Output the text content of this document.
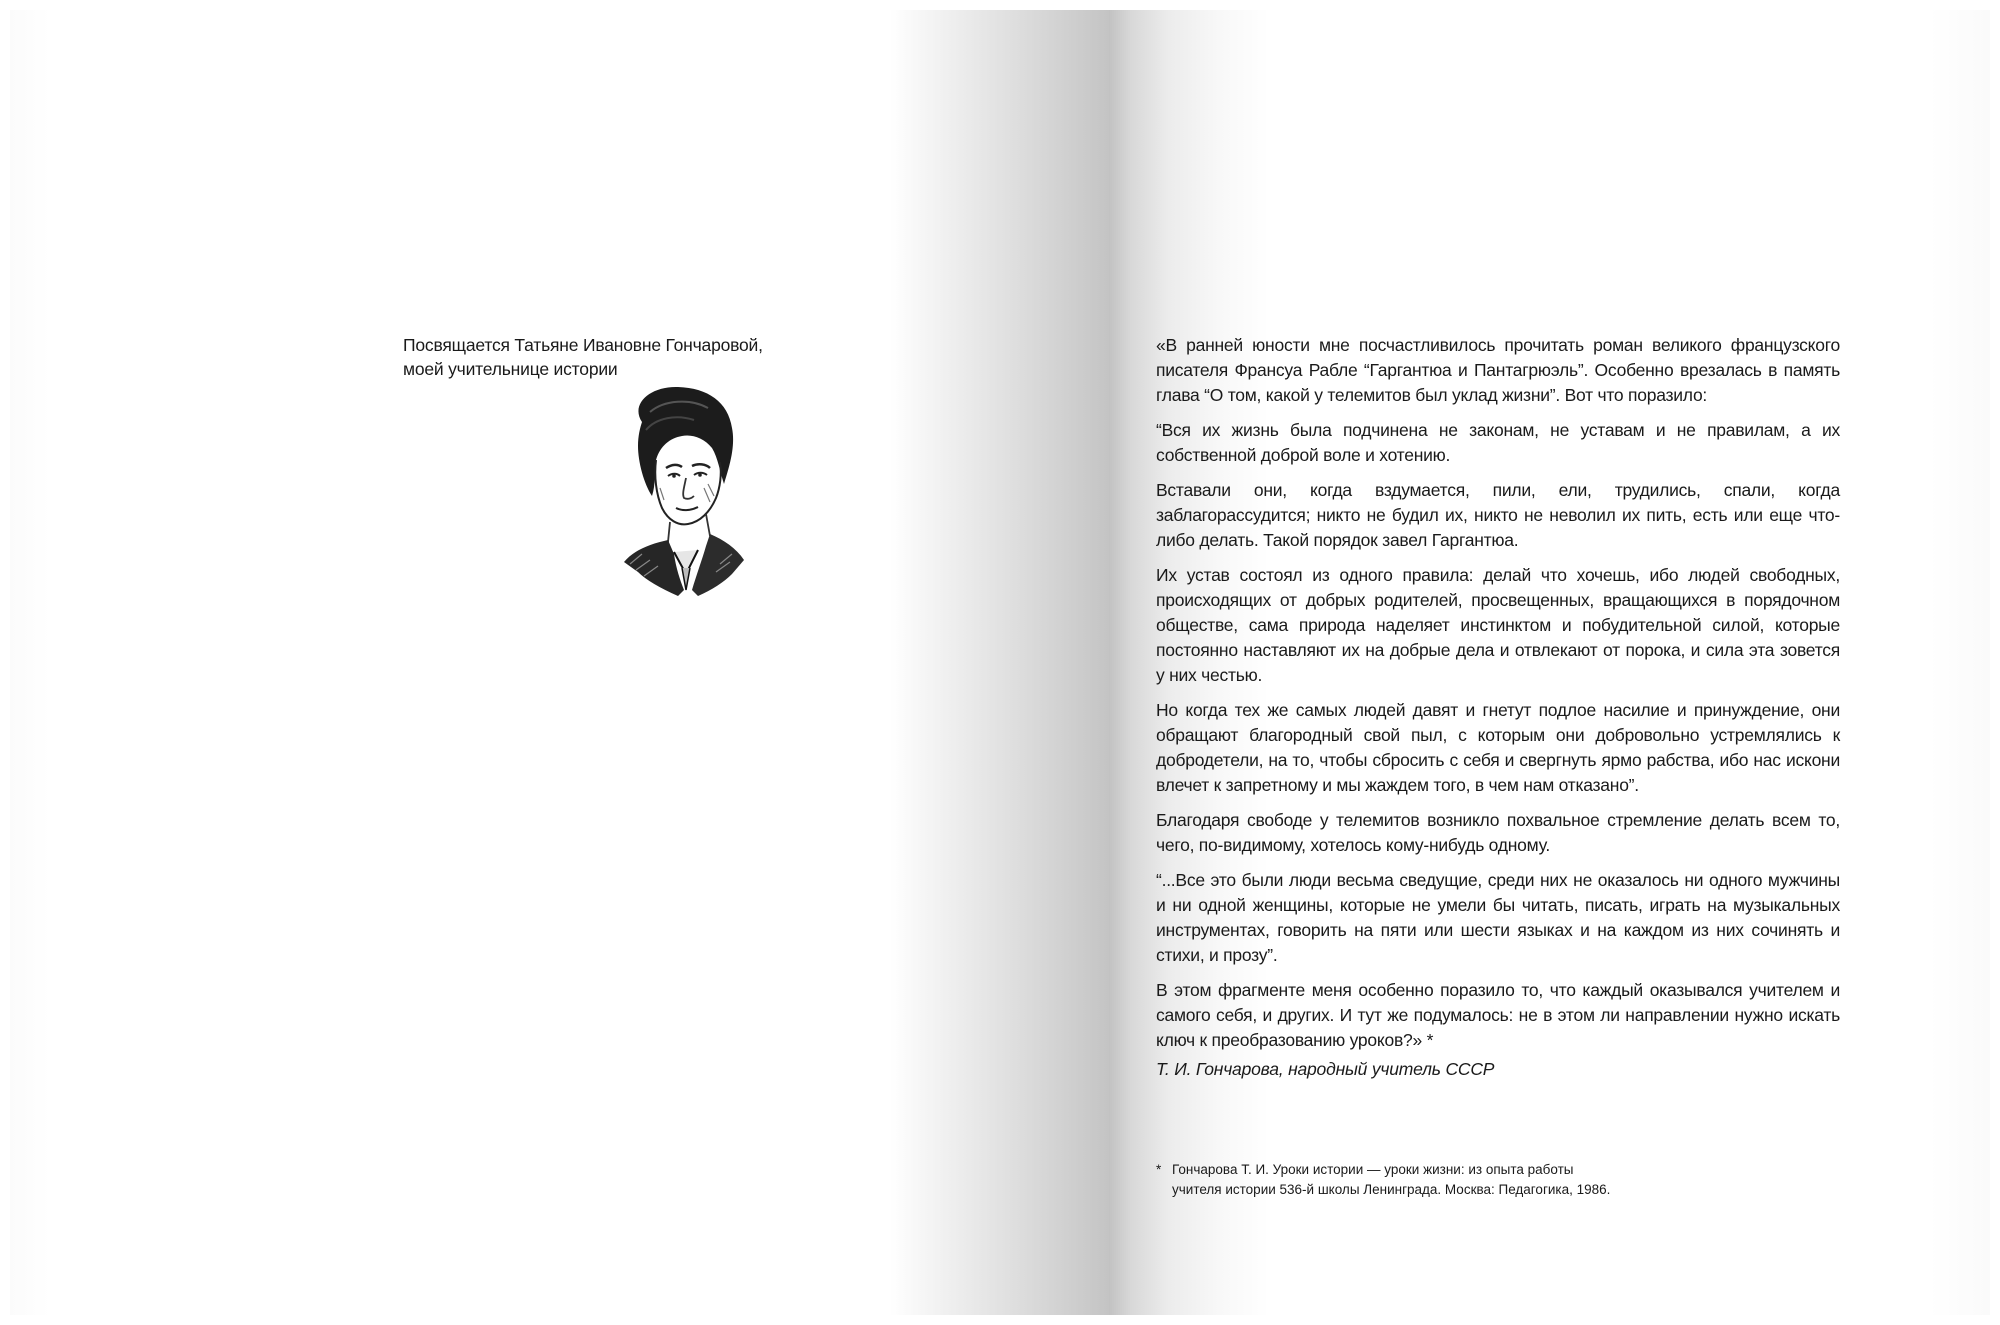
Посвящается Татьяне Ивановне Гончаровой,

моей учительнице истории

«В ранней юности мне посчастливилось прочитать роман великого французского писателя Франсуа Рабле “Гаргантюа и Пантагрюэль”. Особенно врезалась в память глава “О том, какой у телемитов был уклад жизни”. Вот что поразило:

“Вся их жизнь была подчинена не законам, не уставам и не правилам, а их собственной доброй воле и хотению.

Вставали они, когда вздумается, пили, ели, трудились, спали, когда заблагорассудится; никто не будил их, никто не неволил их пить, есть или еще что-либо делать. Такой порядок завел Гаргантюа.

Их устав состоял из одного правила: делай что хочешь, ибо людей свободных, происходящих от добрых родителей, просвещенных, вращающихся в порядочном обществе, сама природа наделяет инстинктом и побудительной силой, которые постоянно наставляют их на добрые дела и отвлекают от порока, и сила эта зовется у них честью.

Но когда тех же самых людей давят и гнетут подлое насилие и принуждение, они обращают благородный свой пыл, с которым они добровольно устремлялись к добродетели, на то, чтобы сбросить с себя и свергнуть ярмо рабства, ибо нас искони влечет к запретному и мы жаждем того, в чем нам отказано”.

Благодаря свободе у телемитов возникло похвальное стремление делать всем то, чего, по-видимому, хотелось кому-нибудь одному.

“...Все это были люди весьма сведущие, среди них не оказалось ни одного мужчины и ни одной женщины, которые не умели бы читать, писать, играть на музыкальных инструментах, говорить на пяти или шести языках и на каждом из них сочинять и стихи, и прозу”.

В этом фрагменте меня особенно поразило то, что каждый оказывался учителем и самого себя, и других. И тут же подумалось: не в этом ли направлении нужно искать ключ к преобразованию уроков?» *

Т. И. Гончарова, народный учитель СССР
* Гончарова Т. И. Уроки истории — уроки жизни: из опыта работы
учителя истории 536-й школы Ленинграда. Москва: Педагогика, 1986.
